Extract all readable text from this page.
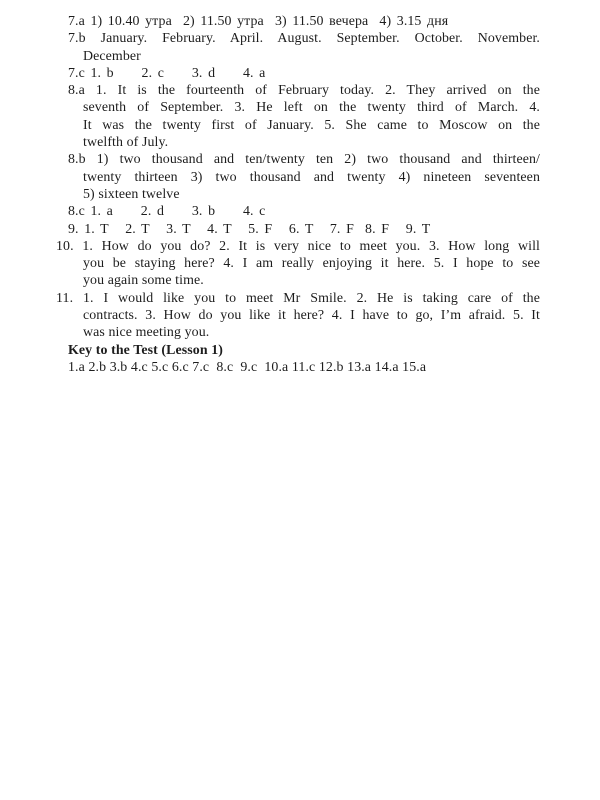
7.a 1) 10.40 утра  2) 11.50 утра  3) 11.50 вечера  4) 3.15 дня
7.b January. February. April. August. September. October. November.
December
7.c 1. b     2. c     3. d     4. a
8.a 1. It is the fourteenth of February today. 2. They arrived on the
seventh of September. 3. He left on the twenty third of March. 4.
It was the twenty first of January. 5. She came to Moscow on the
twelfth of July.
8.b 1) two thousand and ten/twenty ten 2) two thousand and thirteen/
twenty thirteen 3) two thousand and twenty 4) nineteen seventeen
5) sixteen twelve
8.c 1. a     2. d     3. b     4. c
9. 1. T   2. T   3. T   4. T   5. F   6. T   7. F  8. F   9. T
10. 1. How do you do? 2. It is very nice to meet you. 3. How long will
you be staying here? 4. I am really enjoying it here. 5. I hope to see
you again some time.
11. 1. I would like you to meet Mr Smile. 2. He is taking care of the
contracts. 3. How do you like it here? 4. I have to go, I’m afraid. 5. It
was nice meeting you.
Key to the Test (Lesson 1)
1.a 2.b 3.b 4.c 5.c 6.c 7.c  8.c  9.c  10.a 11.c 12.b 13.a 14.a 15.a
